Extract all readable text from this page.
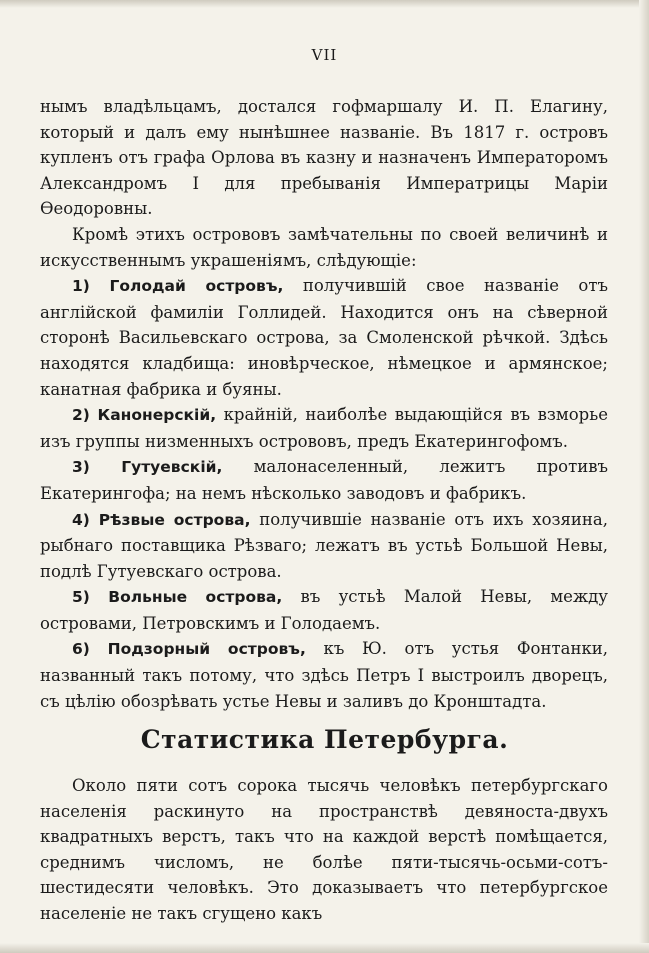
VII

нымъ владѣльцамъ, достался гофмаршалу И. П. Елагину, который и далъ ему нынѣшнее названіе. Въ 1817 г. островъ купленъ отъ графа Орлова въ казну и назначенъ Императоромъ Александромъ I для пребыванія Императрицы Маріи Ѳеодоровны.

Кромѣ этихъ острововъ замѣчательны по своей величинѣ и искусственнымъ украшеніямъ, слѣдующіе:

1) Голодай островъ, получившій свое названіе отъ англійской фамиліи Голлидей. Находится онъ на сѣверной сторонѣ Васильевскаго острова, за Смоленской рѣчкой. Здѣсь находятся кладбища: иновѣрческое, нѣмецкое и армянское; канатная фабрика и буяны.

2) Канонерскій, крайній, наиболѣе выдающійся въ взморье изъ группы низменныхъ острововъ, предъ Екатерингофомъ.

3) Гутуевскій, малонаселенный, лежитъ противъ Екатерингофа; на немъ нѣсколько заводовъ и фабрикъ.

4) Рѣзвые острова, получившіе названіе отъ ихъ хозяина, рыбнаго поставщика Рѣзваго; лежатъ въ устьѣ Большой Невы, подлѣ Гутуевскаго острова.

5) Вольные острова, въ устьѣ Малой Невы, между островами, Петровскимъ и Голодаемъ.

6) Подзорный островъ, къ Ю. отъ устья Фонтанки, названный такъ потому, что здѣсь Петръ I выстроилъ дворецъ, съ цѣлію обозрѣвать устье Невы и заливъ до Кронштадта.

Статистика Петербурга.

Около пяти сотъ сорока тысячь человѣкъ петербургскаго населенія раскинуто на пространствѣ девяноста-двухъ квадратныхъ верстъ, такъ что на каждой верстѣ помѣщается, среднимъ числомъ, не болѣе пяти-тысячь-осьми-сотъ-шестидесяти человѣкъ. Это доказываетъ что петербургское населеніе не такъ сгущено какъ
